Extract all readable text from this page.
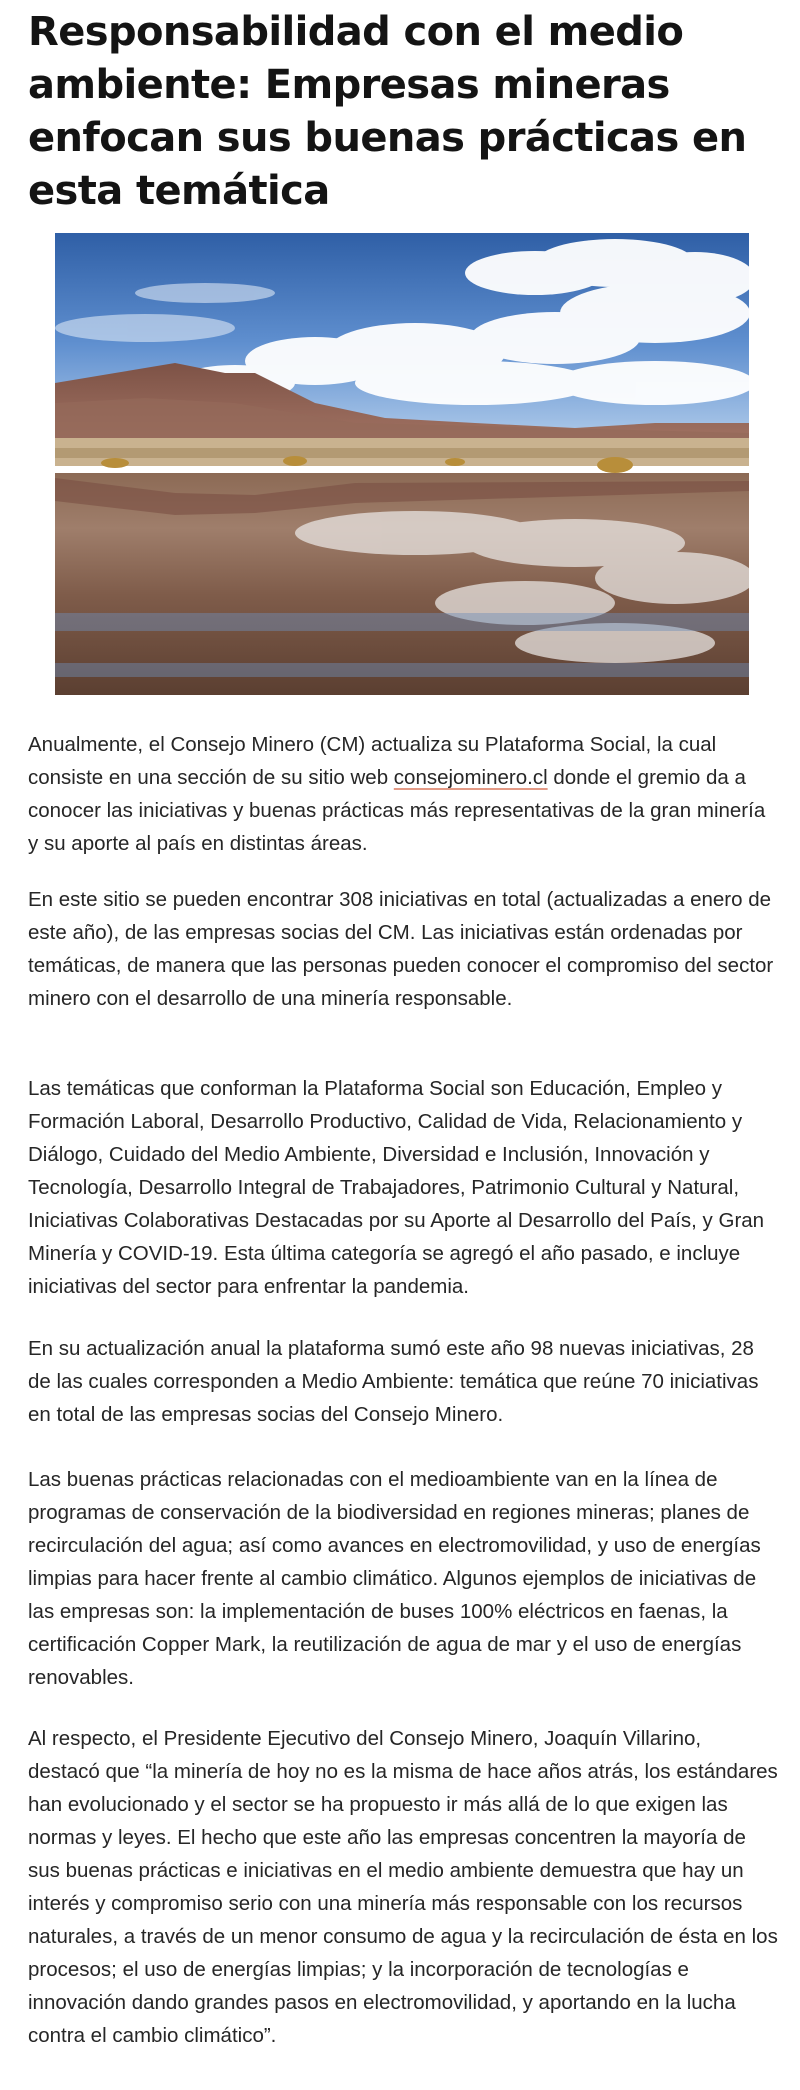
Responsabilidad con el medio ambiente: Empresas mineras enfocan sus buenas prácticas en esta temática

Anualmente, el Consejo Minero (CM) actualiza su Plataforma Social, la cual consiste en una sección de su sitio web consejominero.cl donde el gremio da a conocer las iniciativas y buenas prácticas más representativas de la gran minería y su aporte al país en distintas áreas.

En este sitio se pueden encontrar 308 iniciativas en total (actualizadas a enero de este año), de las empresas socias del CM. Las iniciativas están ordenadas por temáticas, de manera que las personas pueden conocer el compromiso del sector minero con el desarrollo de una minería responsable.

Las temáticas que conforman la Plataforma Social son Educación, Empleo y Formación Laboral, Desarrollo Productivo, Calidad de Vida, Relacionamiento y Diálogo, Cuidado del Medio Ambiente, Diversidad e Inclusión, Innovación y Tecnología, Desarrollo Integral de Trabajadores, Patrimonio Cultural y Natural, Iniciativas Colaborativas Destacadas por su Aporte al Desarrollo del País, y Gran Minería y COVID-19. Esta última categoría se agregó el año pasado, e incluye iniciativas del sector para enfrentar la pandemia.

En su actualización anual la plataforma sumó este año 98 nuevas iniciativas, 28 de las cuales corresponden a Medio Ambiente: temática que reúne 70 iniciativas en total de las empresas socias del Consejo Minero.

Las buenas prácticas relacionadas con el medioambiente van en la línea de programas de conservación de la biodiversidad en regiones mineras; planes de recirculación del agua; así como avances en electromovilidad, y uso de energías limpias para hacer frente al cambio climático. Algunos ejemplos de iniciativas de las empresas son: la implementación de buses 100% eléctricos en faenas, la certificación Copper Mark, la reutilización de agua de mar y el uso de energías renovables.

Al respecto, el Presidente Ejecutivo del Consejo Minero, Joaquín Villarino, destacó que “la minería de hoy no es la misma de hace años atrás, los estándares han evolucionado y el sector se ha propuesto ir más allá de lo que exigen las normas y leyes. El hecho que este año las empresas concentren la mayoría de sus buenas prácticas e iniciativas en el medio ambiente demuestra que hay un interés y compromiso serio con una minería más responsable con los recursos naturales, a través de un menor consumo de agua y la recirculación de ésta en los procesos; el uso de energías limpias; y la incorporación de tecnologías e innovación dando grandes pasos en electromovilidad, y aportando en la lucha contra el cambio climático”.
